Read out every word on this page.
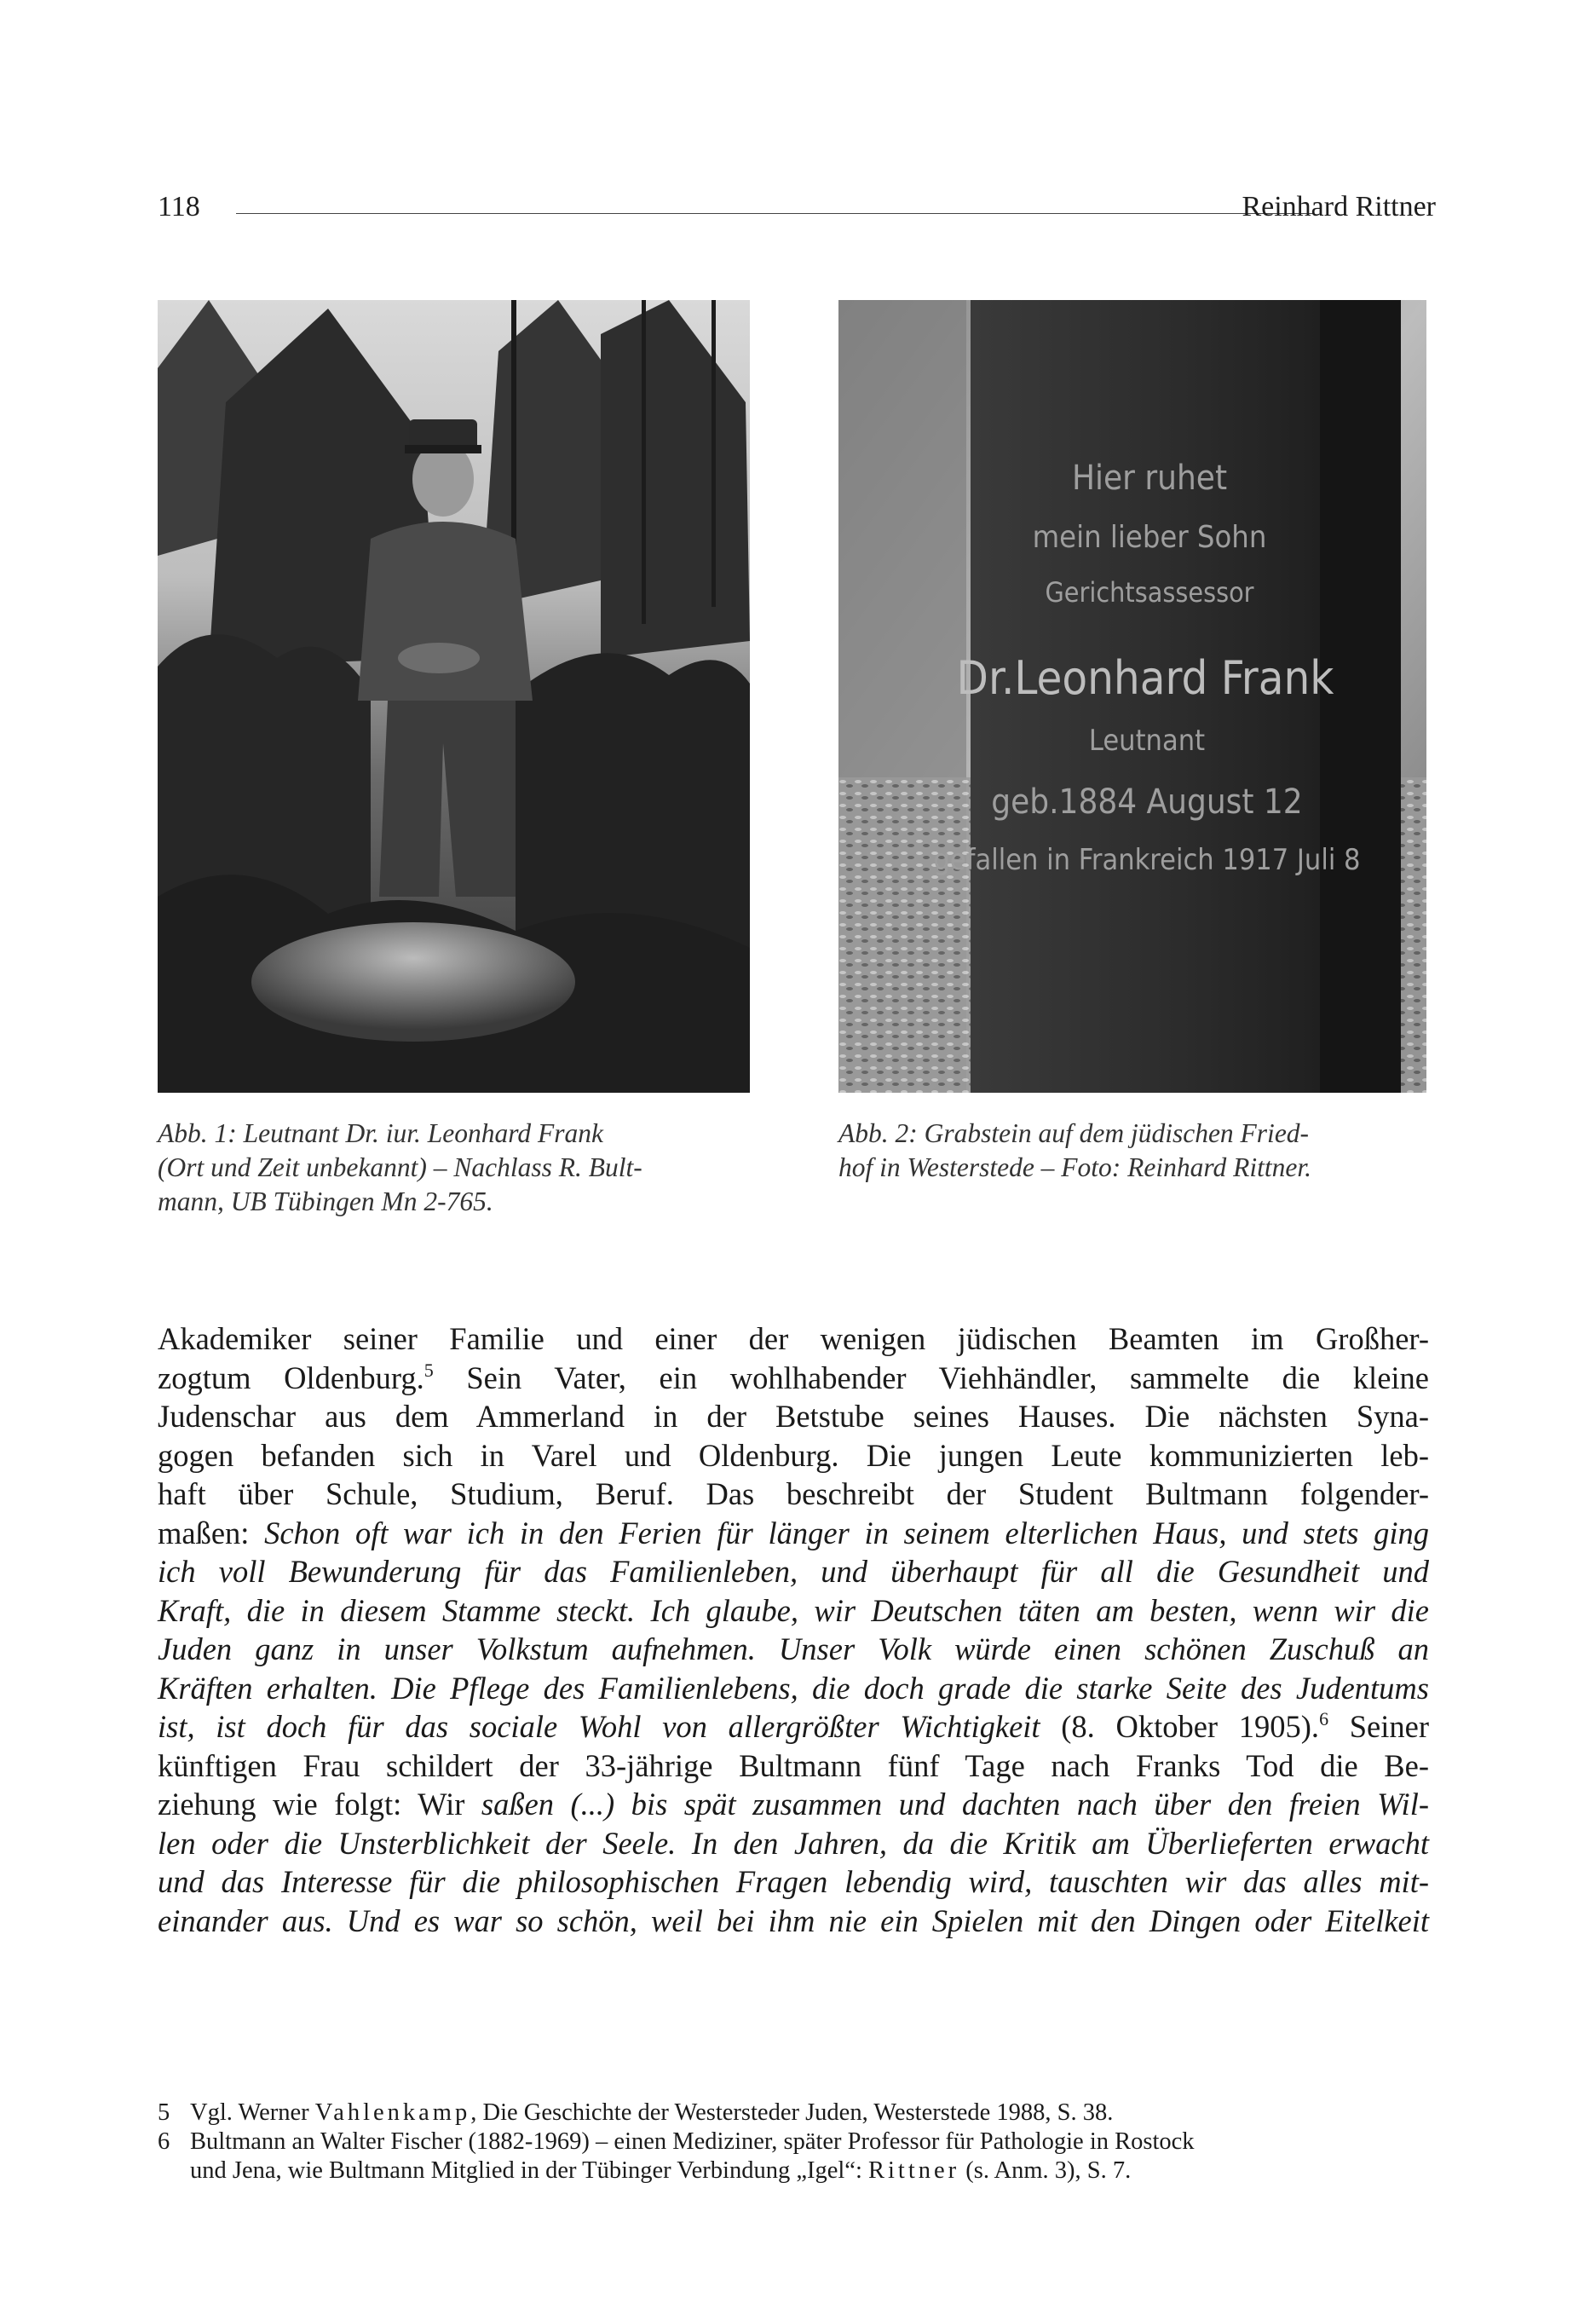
118	Reinhard Rittner
Hier ruhet
mein lieber Sohn
Gerichtsassessor
Dr.Leonhard Frank
Leutnant
geb.1884 August 12
gefallen in Frankreich 1917 Juli 8
Abb. 1: Leutnant Dr. iur. Leonhard Frank
(Ort und Zeit unbekannt) – Nachlass R. Bult-
mann, UB Tübingen Mn 2-765.
Abb. 2: Grabstein auf dem jüdischen Fried-
hof in Westerstede – Foto: Reinhard Rittner.
Akademiker seiner Familie und einer der wenigen jüdischen Beamten im Großher-
zogtum Oldenburg.$^5$ Sein Vater, ein wohlhabender Viehhändler, sammelte die kleine
Judenschar aus dem Ammerland in der Betstube seines Hauses. Die nächsten Syna-
gogen befanden sich in Varel und Oldenburg. Die jungen Leute kommunizierten leb-
haft über Schule, Studium, Beruf. Das beschreibt der Student Bultmann folgender-
maßen: Schon oft war ich in den Ferien für länger in seinem elterlichen Haus, und stets ging
ich voll Bewunderung für das Familienleben, und überhaupt für all die Gesundheit und
Kraft, die in diesem Stamme steckt. Ich glaube, wir Deutschen täten am besten, wenn wir die
Juden ganz in unser Volkstum aufnehmen. Unser Volk würde einen schönen Zuschuß an
Kräften erhalten. Die Pflege des Familienlebens, die doch grade die starke Seite des Judentums
ist, ist doch für das sociale Wohl von allergrößter Wichtigkeit (8. Oktober 1905).$^6$ Seiner
künftigen Frau schildert der 33-jährige Bultmann fünf Tage nach Franks Tod die Be-
ziehung wie folgt: Wir saßen (...) bis spät zusammen und dachten nach über den freien Wil-
len oder die Unsterblichkeit der Seele. In den Jahren, da die Kritik am Überlieferten erwacht
und das Interesse für die philosophischen Fragen lebendig wird, tauschten wir das alles mit-
einander aus. Und es war so schön, weil bei ihm nie ein Spielen mit den Dingen oder Eitelkeit
5 Vgl. Werner Vahlenkamp, Die Geschichte der Westersteder Juden, Westerstede 1988, S. 38.
6 Bultmann an Walter Fischer (1882-1969) – einen Mediziner, später Professor für Pathologie in Rostock
und Jena, wie Bultmann Mitglied in der Tübinger Verbindung „Igel“: Rittner (s. Anm. 3), S. 7.
